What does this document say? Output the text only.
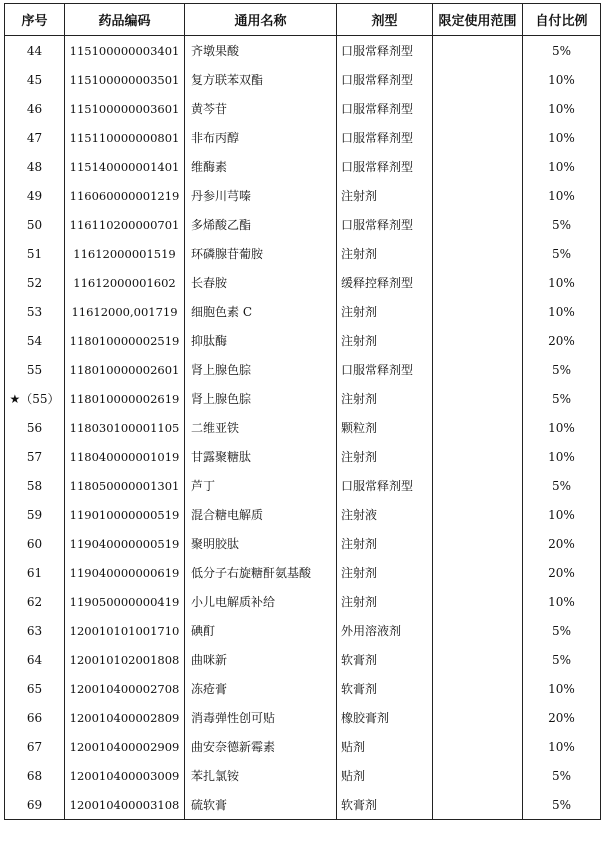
序号	药品编码	通用名称	剂型	限定使用范围	自付比例
44	115100000003401	齐墩果酸	口服常释剂型		5%
45	115100000003501	复方联苯双酯	口服常释剂型		10%
46	115100000003601	黄芩苷	口服常释剂型		10%
47	115110000000801	非布丙醇	口服常释剂型		10%
48	115140000001401	维酶素	口服常释剂型		10%
49	116060000001219	丹参川芎嗪	注射剂		10%
50	116110200000701	多烯酸乙酯	口服常释剂型		5%
51	11612000001519	环磷腺苷葡胺	注射剂		5%
52	11612000001602	长春胺	缓释控释剂型		10%
53	11612000,001719	细胞色素 C	注射剂		10%
54	118010000002519	抑肽酶	注射剂		20%
55	118010000002601	肾上腺色腙	口服常释剂型		5%
★（55）	118010000002619	肾上腺色腙	注射剂		5%
56	118030100001105	二维亚铁	颗粒剂		10%
57	118040000001019	甘露聚糖肽	注射剂		10%
58	118050000001301	芦丁	口服常释剂型		5%
59	119010000000519	混合糖电解质	注射液		10%
60	119040000000519	聚明胶肽	注射剂		20%
61	119040000000619	低分子右旋糖酐氨基酸	注射剂		20%
62	119050000000419	小儿电解质补给	注射剂		10%
63	120010101001710	碘酊	外用溶液剂		5%
64	120010102001808	曲咪新	软膏剂		5%
65	120010400002708	冻疮膏	软膏剂		10%
66	120010400002809	消毒弹性创可贴	橡胶膏剂		20%
67	120010400002909	曲安奈德新霉素	贴剂		10%
68	120010400003009	苯扎氯铵	贴剂		5%
69	120010400003108	硫软膏	软膏剂		5%
